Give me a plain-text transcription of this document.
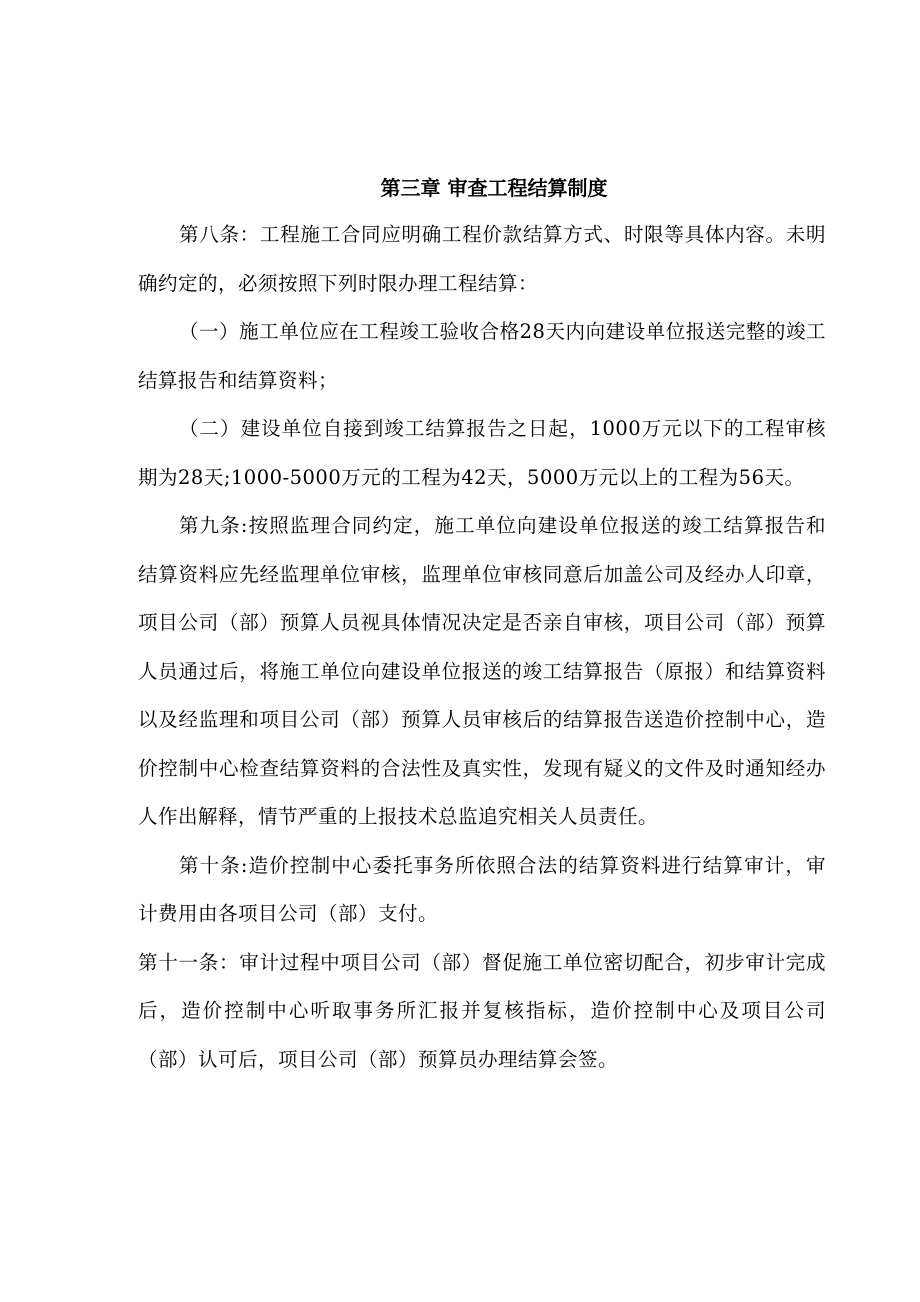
第三章 审查工程结算制度

第八条：工程施工合同应明确工程价款结算方式、时限等具体内容。未明确约定的，必须按照下列时限办理工程结算：

（一）施工单位应在工程竣工验收合格28天内向建设单位报送完整的竣工结算报告和结算资料；

（二）建设单位自接到竣工结算报告之日起，1000万元以下的工程审核期为28天;1000-5000万元的工程为42天，5000万元以上的工程为56天。

第九条:按照监理合同约定，施工单位向建设单位报送的竣工结算报告和结算资料应先经监理单位审核，监理单位审核同意后加盖公司及经办人印章，项目公司（部）预算人员视具体情况决定是否亲自审核，项目公司（部）预算人员通过后，将施工单位向建设单位报送的竣工结算报告（原报）和结算资料以及经监理和项目公司（部）预算人员审核后的结算报告送造价控制中心，造价控制中心检查结算资料的合法性及真实性，发现有疑义的文件及时通知经办人作出解释，情节严重的上报技术总监追究相关人员责任。

第十条:造价控制中心委托事务所依照合法的结算资料进行结算审计，审计费用由各项目公司（部）支付。

第十一条：审计过程中项目公司（部）督促施工单位密切配合，初步审计完成后，造价控制中心听取事务所汇报并复核指标，造价控制中心及项目公司（部）认可后，项目公司（部）预算员办理结算会签。
